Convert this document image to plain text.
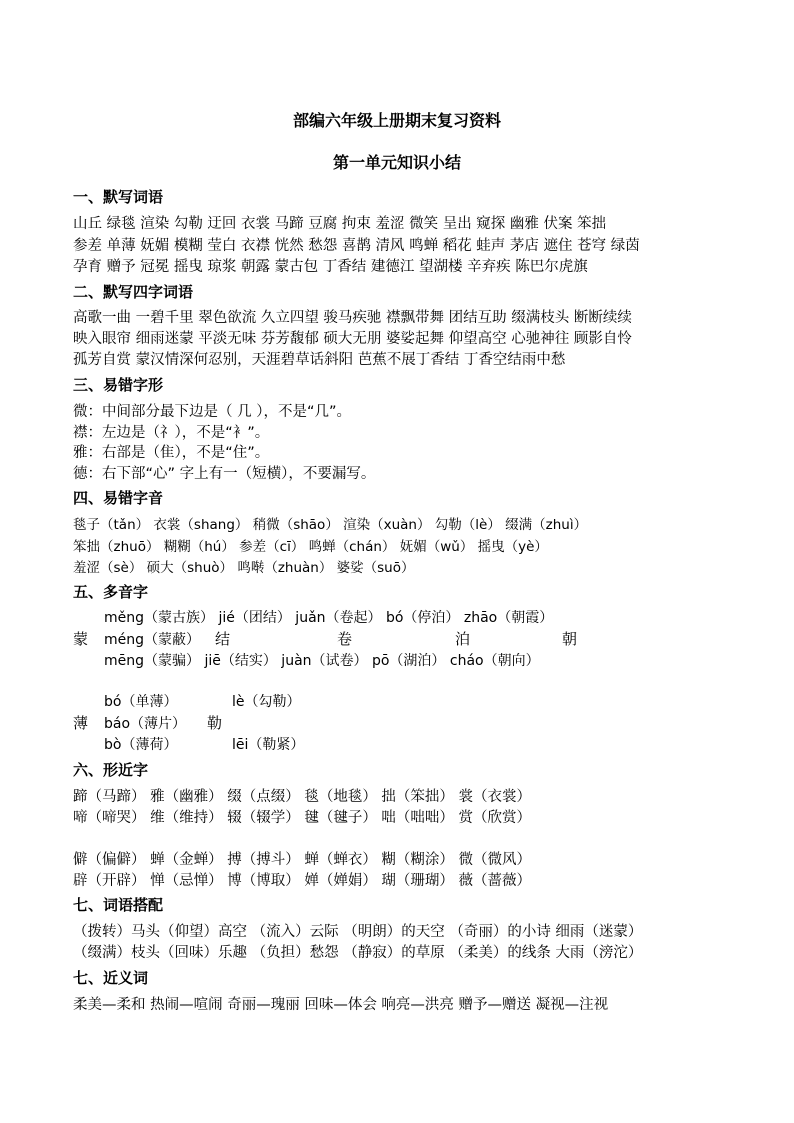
部编六年级上册期末复习资料
第一单元知识小结
一、默写词语
山丘 绿毯 渲染 勾勒 迂回 衣裳 马蹄 豆腐 拘束 羞涩 微笑 呈出 窥探 幽雅 伏案 笨拙
参差 单薄 妩媚 模糊 莹白 衣襟 恍然 愁怨 喜鹊 清风 鸣蝉 稻花 蛙声 茅店 遮住 苍穹 绿茵
孕育 赠予 冠冕 摇曳 琼浆 朝露 蒙古包 丁香结 建德江 望湖楼 辛弃疾 陈巴尔虎旗
二、默写四字词语
高歌一曲 一碧千里 翠色欲流 久立四望 骏马疾驰 襟飘带舞 团结互助 缀满枝头 断断续续
映入眼帘 细雨迷蒙 平淡无味 芬芳馥郁 硕大无朋 婆娑起舞 仰望高空 心驰神往 顾影自怜
孤芳自赏 蒙汉情深何忍别，天涯碧草话斜阳 芭蕉不展丁香结 丁香空结雨中愁
三、易错字形
微：中间部分最下边是（ 几 ），不是“几”。
襟：左边是（礻），不是“衤”。
雅：右部是（隹），不是“住”。
德：右下部“心” 字上有一（短横），不要漏写。
四、易错字音
毯子（tǎn） 衣裳（shang） 稍微（shāo） 渲染（xuàn） 勾勒（lè） 缀满（zhuì）
笨拙（zhuō） 糊糊（hú） 参差（cī） 鸣蝉（chán） 妩媚（wǔ） 摇曳（yè）
羞涩（sè） 硕大（shuò） 鸣啭（zhuàn） 婆娑（suō）
五、多音字
měng（蒙古族） jié（团结） juǎn（卷起） bó（停泊） zhāo（朝霞）
蒙 méng（蒙蔽） 结	卷	泊	朝
mēng（蒙骗） jiē（结实） juàn（试卷） pō（湖泊） cháo（朝向）
bó（单薄）	lè（勾勒）
薄 báo（薄片） 勒
bò（薄荷）	lēi（勒紧）
六、形近字
蹄（马蹄） 雅（幽雅） 缀（点缀） 毯（地毯） 拙（笨拙） 裳（衣裳）
啼（啼哭） 维（维持） 辍（辍学） 毽（毽子） 咄（咄咄） 赏（欣赏）
僻（偏僻） 蝉（金蝉） 搏（搏斗） 蝉（蝉衣） 糊（糊涂） 微（微风）
辟（开辟） 惮（忌惮） 博（博取） 婵（婵娟） 瑚（珊瑚） 薇（蔷薇）
七、词语搭配
（拨转）马头（仰望）高空 （流入）云际 （明朗）的天空 （奇丽）的小诗 细雨（迷蒙）
（缀满）枝头（回味）乐趣 （负担）愁怨 （静寂）的草原 （柔美）的线条 大雨（滂沱）
七、近义词
柔美—柔和 热闹—喧闹 奇丽—瑰丽 回味—体会 响亮—洪亮 赠予—赠送 凝视—注视
